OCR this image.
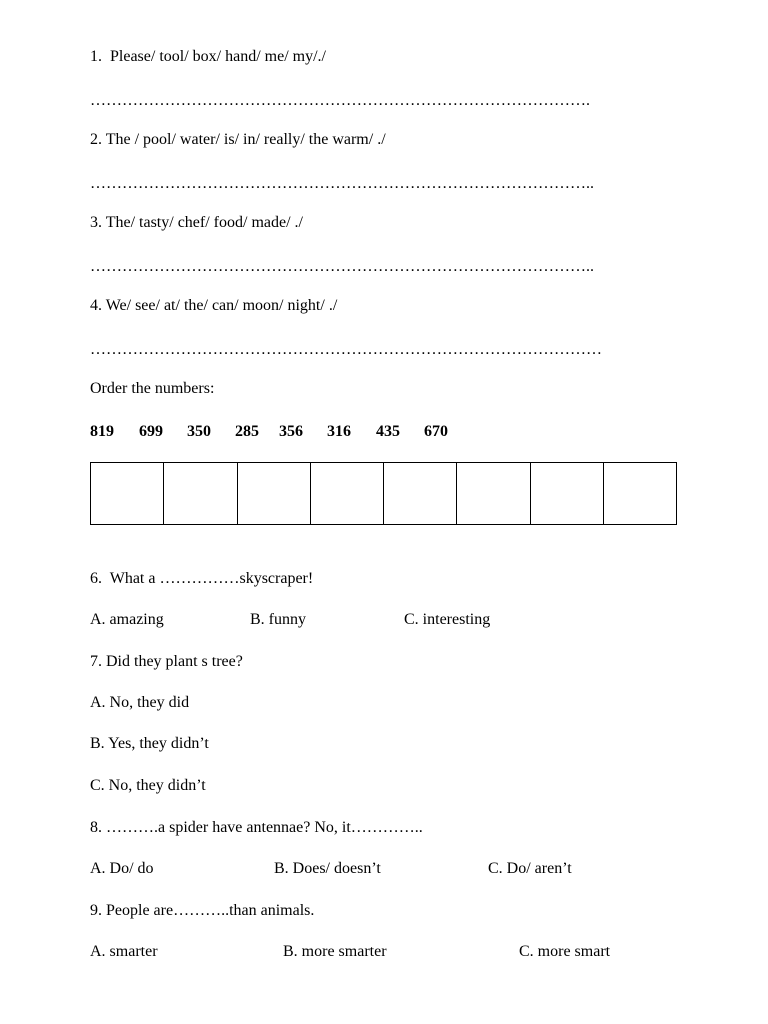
1.  Please/ tool/ box/ hand/ me/ my/./
………………………………………………………………………………….
2. The / pool/ water/ is/ in/ really/ the warm/ ./
…………………………………………………………………………………..
3. The/ tasty/ chef/ food/ made/ ./
…………………………………………………………………………………..
4. We/ see/ at/ the/ can/ moon/ night/ ./
……………………………………………………………………………………
Order the numbers:
819 699 350 285 356 316 435 670

6.  What a ……………skyscraper!
A. amazing	B. funny	C. interesting
7. Did they plant s tree?
A. No, they did
B. Yes, they didn’t
C. No, they didn’t
8. ……….a spider have antennae? No, it…………..
A. Do/ do	B. Does/ doesn’t	C. Do/ aren’t
9. People are………..than animals.
A. smarter	B. more smarter	C. more smart
